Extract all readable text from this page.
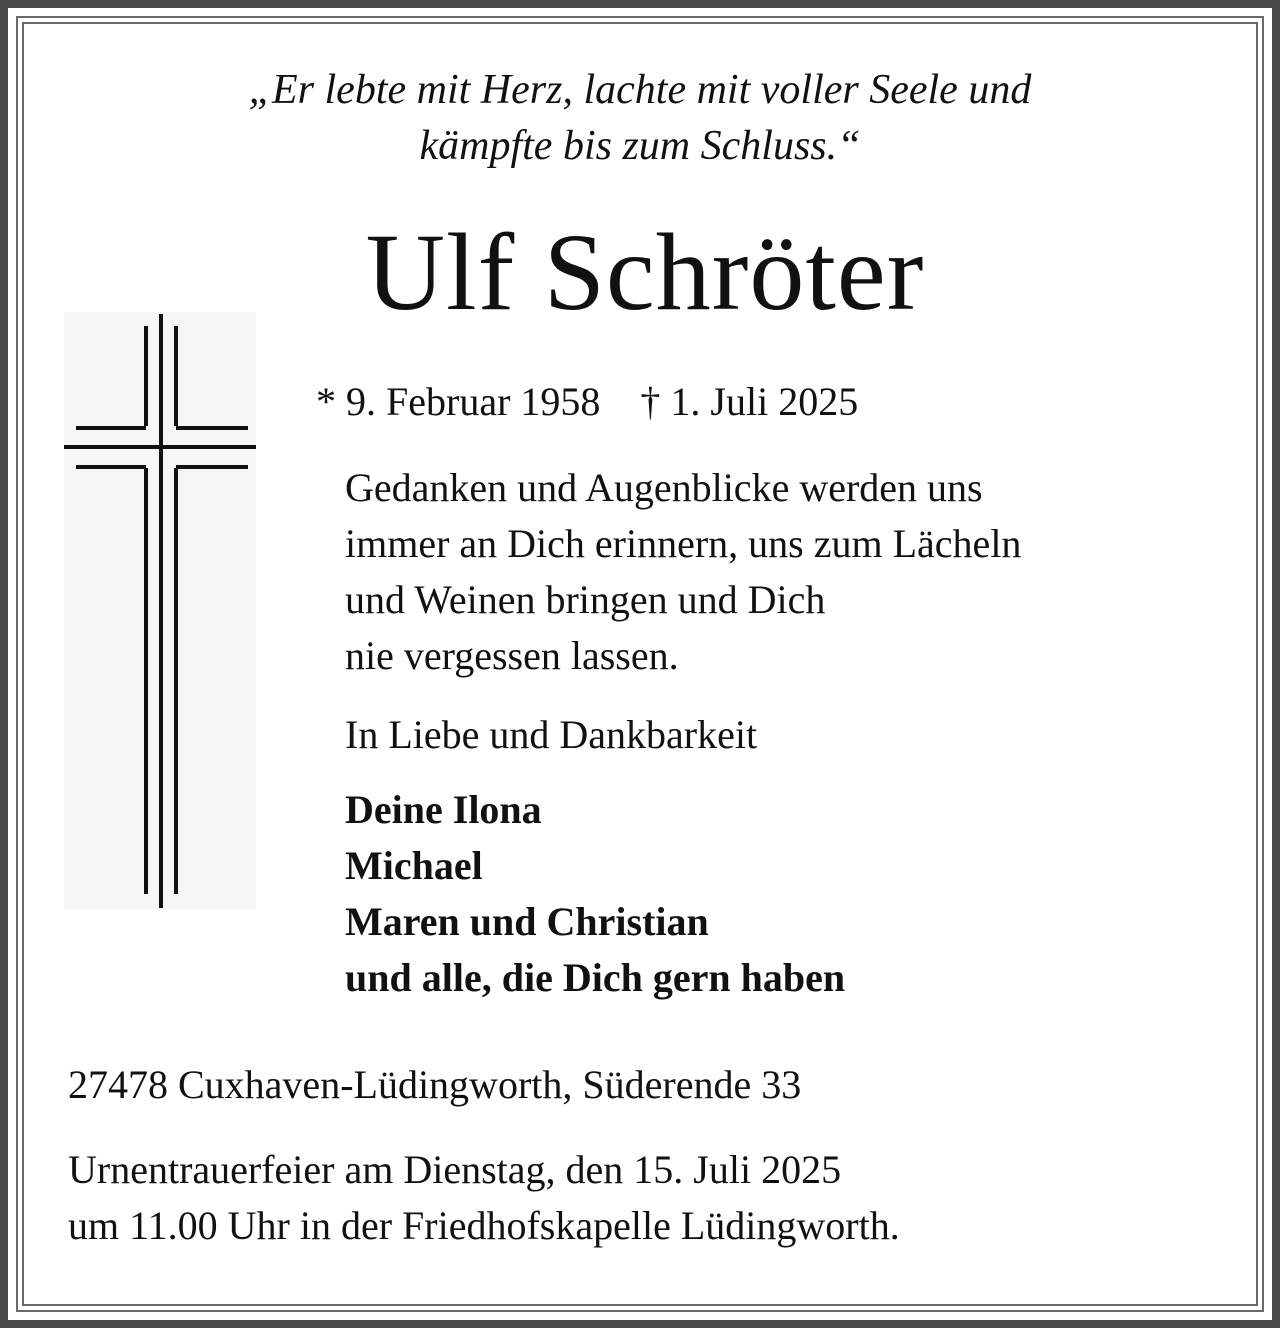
„Er lebte mit Herz, lachte mit voller Seele und
kämpfte bis zum Schluss.“
Ulf Schröter
* 9. Februar 1958    † 1. Juli 2025
Gedanken und Augenblicke werden uns
immer an Dich erinnern, uns zum Lächeln
und Weinen bringen und Dich
nie vergessen lassen.
In Liebe und Dankbarkeit
Deine Ilona
Michael
Maren und Christian
und alle, die Dich gern haben
27478 Cuxhaven-Lüdingworth, Süderende 33
Urnentrauerfeier am Dienstag, den 15. Juli 2025
um 11.00 Uhr in der Friedhofskapelle Lüdingworth.
